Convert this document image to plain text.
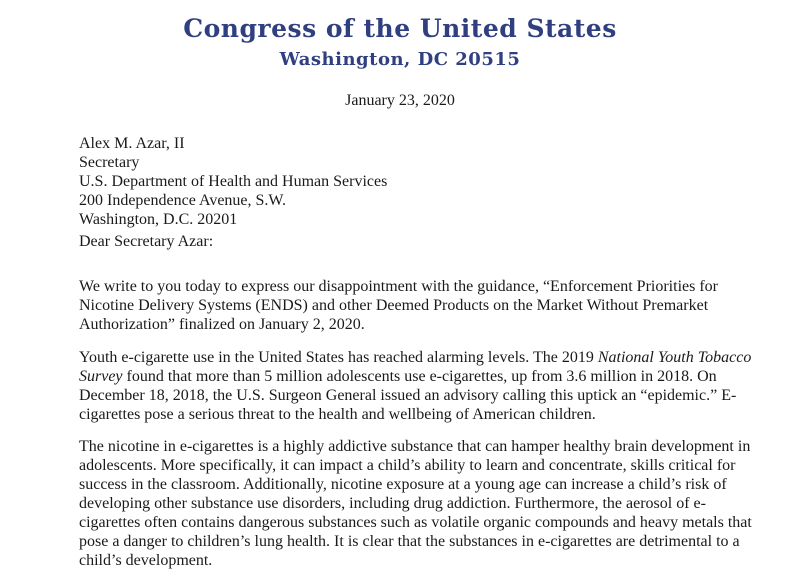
Congress of the United States
Washington, DC 20515
January 23, 2020
Alex M. Azar, II
Secretary
U.S. Department of Health and Human Services
200 Independence Avenue, S.W.
Washington, D.C. 20201
Dear Secretary Azar:
We write to you today to express our disappointment with the guidance, “Enforcement Priorities for
Nicotine Delivery Systems (ENDS) and other Deemed Products on the Market Without Premarket
Authorization” finalized on January 2, 2020.
Youth e-cigarette use in the United States has reached alarming levels. The 2019 National Youth Tobacco
Survey found that more than 5 million adolescents use e-cigarettes, up from 3.6 million in 2018. On
December 18, 2018, the U.S. Surgeon General issued an advisory calling this uptick an “epidemic.” E-
cigarettes pose a serious threat to the health and wellbeing of American children.
The nicotine in e-cigarettes is a highly addictive substance that can hamper healthy brain development in
adolescents. More specifically, it can impact a child’s ability to learn and concentrate, skills critical for
success in the classroom. Additionally, nicotine exposure at a young age can increase a child’s risk of
developing other substance use disorders, including drug addiction. Furthermore, the aerosol of e-
cigarettes often contains dangerous substances such as volatile organic compounds and heavy metals that
pose a danger to children’s lung health. It is clear that the substances in e-cigarettes are detrimental to a
child’s development.
